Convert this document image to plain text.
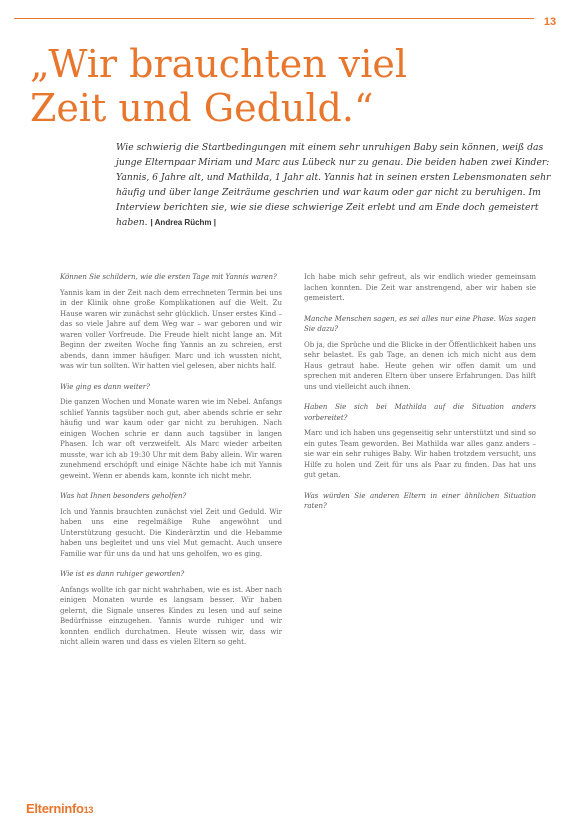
13
„Wir brauchten viel Zeit und Geduld.“

Wie schwierig die Startbedingungen mit einem sehr unruhigen Baby sein können, weiß das junge Elternpaar Miriam und Marc aus Lübeck nur zu genau. Die beiden haben zwei Kinder: Yannis, 6 Jahre alt, und Mathilda, 1 Jahr alt. Yannis hat in seinen ersten Lebensmonaten sehr häufig und über lange Zeiträume geschrien und war kaum oder gar nicht zu beruhigen. Im Interview berichten sie, wie sie diese schwierige Zeit erlebt und am Ende doch gemeistert haben. | Andrea Rüchm |

Können Sie schildern, wie die ersten Tage mit Yannis waren?

Yannis kam in der Zeit nach dem errechneten Termin bei uns in der Klinik ohne große Komplikationen auf die Welt. Zu Hause waren wir zunächst sehr glücklich. Unser erstes Kind – das so viele Jahre auf dem Weg war – war geboren und wir waren voller Vorfreude. Die Freude hielt nicht lange an. Mit Beginn der zweiten Woche fing Yannis an zu schreien, erst abends, dann immer häufiger. Marc und ich wussten nicht, was wir tun sollten. Wir hatten viel gelesen, aber nichts half.

Wie ging es dann weiter?

Die ganzen Wochen und Monate waren wie im Nebel. Anfangs schlief Yannis tagsüber noch gut, aber abends schrie er sehr häufig und war kaum oder gar nicht zu beruhigen. Nach einigen Wochen schrie er dann auch tagsüber in langen Phasen. Ich war oft verzweifelt. Als Marc wieder arbeiten musste, war ich ab 19:30 Uhr mit dem Baby allein. Wir waren zunehmend erschöpft und einige Nächte habe ich mit Yannis geweint. Wenn er abends kam, konnte ich nicht mehr.

Was hat Ihnen besonders geholfen?

Ich und Yannis brauchten zunächst viel Zeit und Geduld. Wir haben uns eine regelmäßige Ruhe angewöhnt und Unterstützung gesucht. Die Kinderärztin und die Hebamme haben uns begleitet und uns viel Mut gemacht. Auch unsere Familie war für uns da und hat uns geholfen, wo es ging.

Wie ist es dann ruhiger geworden?

Anfangs wollte ich gar nicht wahrhaben, wie es ist. Aber nach einigen Monaten wurde es langsam besser. Wir haben gelernt, die Signale unseres Kindes zu lesen und auf seine Bedürfnisse einzugehen. Yannis wurde ruhiger und wir konnten endlich durchatmen. Heute wissen wir, dass wir nicht allein waren und dass es vielen Eltern so geht.

Ich habe mich sehr gefreut, als wir endlich wieder gemeinsam lachen konnten. Die Zeit war anstrengend, aber wir haben sie gemeistert.

Manche Menschen sagen, es sei alles nur eine Phase. Was sagen Sie dazu?

Ob ja, die Sprüche und die Blicke in der Öffentlichkeit haben uns sehr belastet. Es gab Tage, an denen ich mich nicht aus dem Haus getraut habe. Heute gehen wir offen damit um und sprechen mit anderen Eltern über unsere Erfahrungen. Das hilft uns und vielleicht auch ihnen.

Haben Sie sich bei Mathilda auf die Situation anders vorbereitet?

Marc und ich haben uns gegenseitig sehr unterstützt und sind so ein gutes Team geworden. Bei Mathilda war alles ganz anders – sie war ein sehr ruhiges Baby. Wir haben trotzdem versucht, uns Hilfe zu holen und Zeit für uns als Paar zu finden. Das hat uns gut getan.

Was würden Sie anderen Eltern in einer ähnlichen Situation raten?

Elterninfo13
